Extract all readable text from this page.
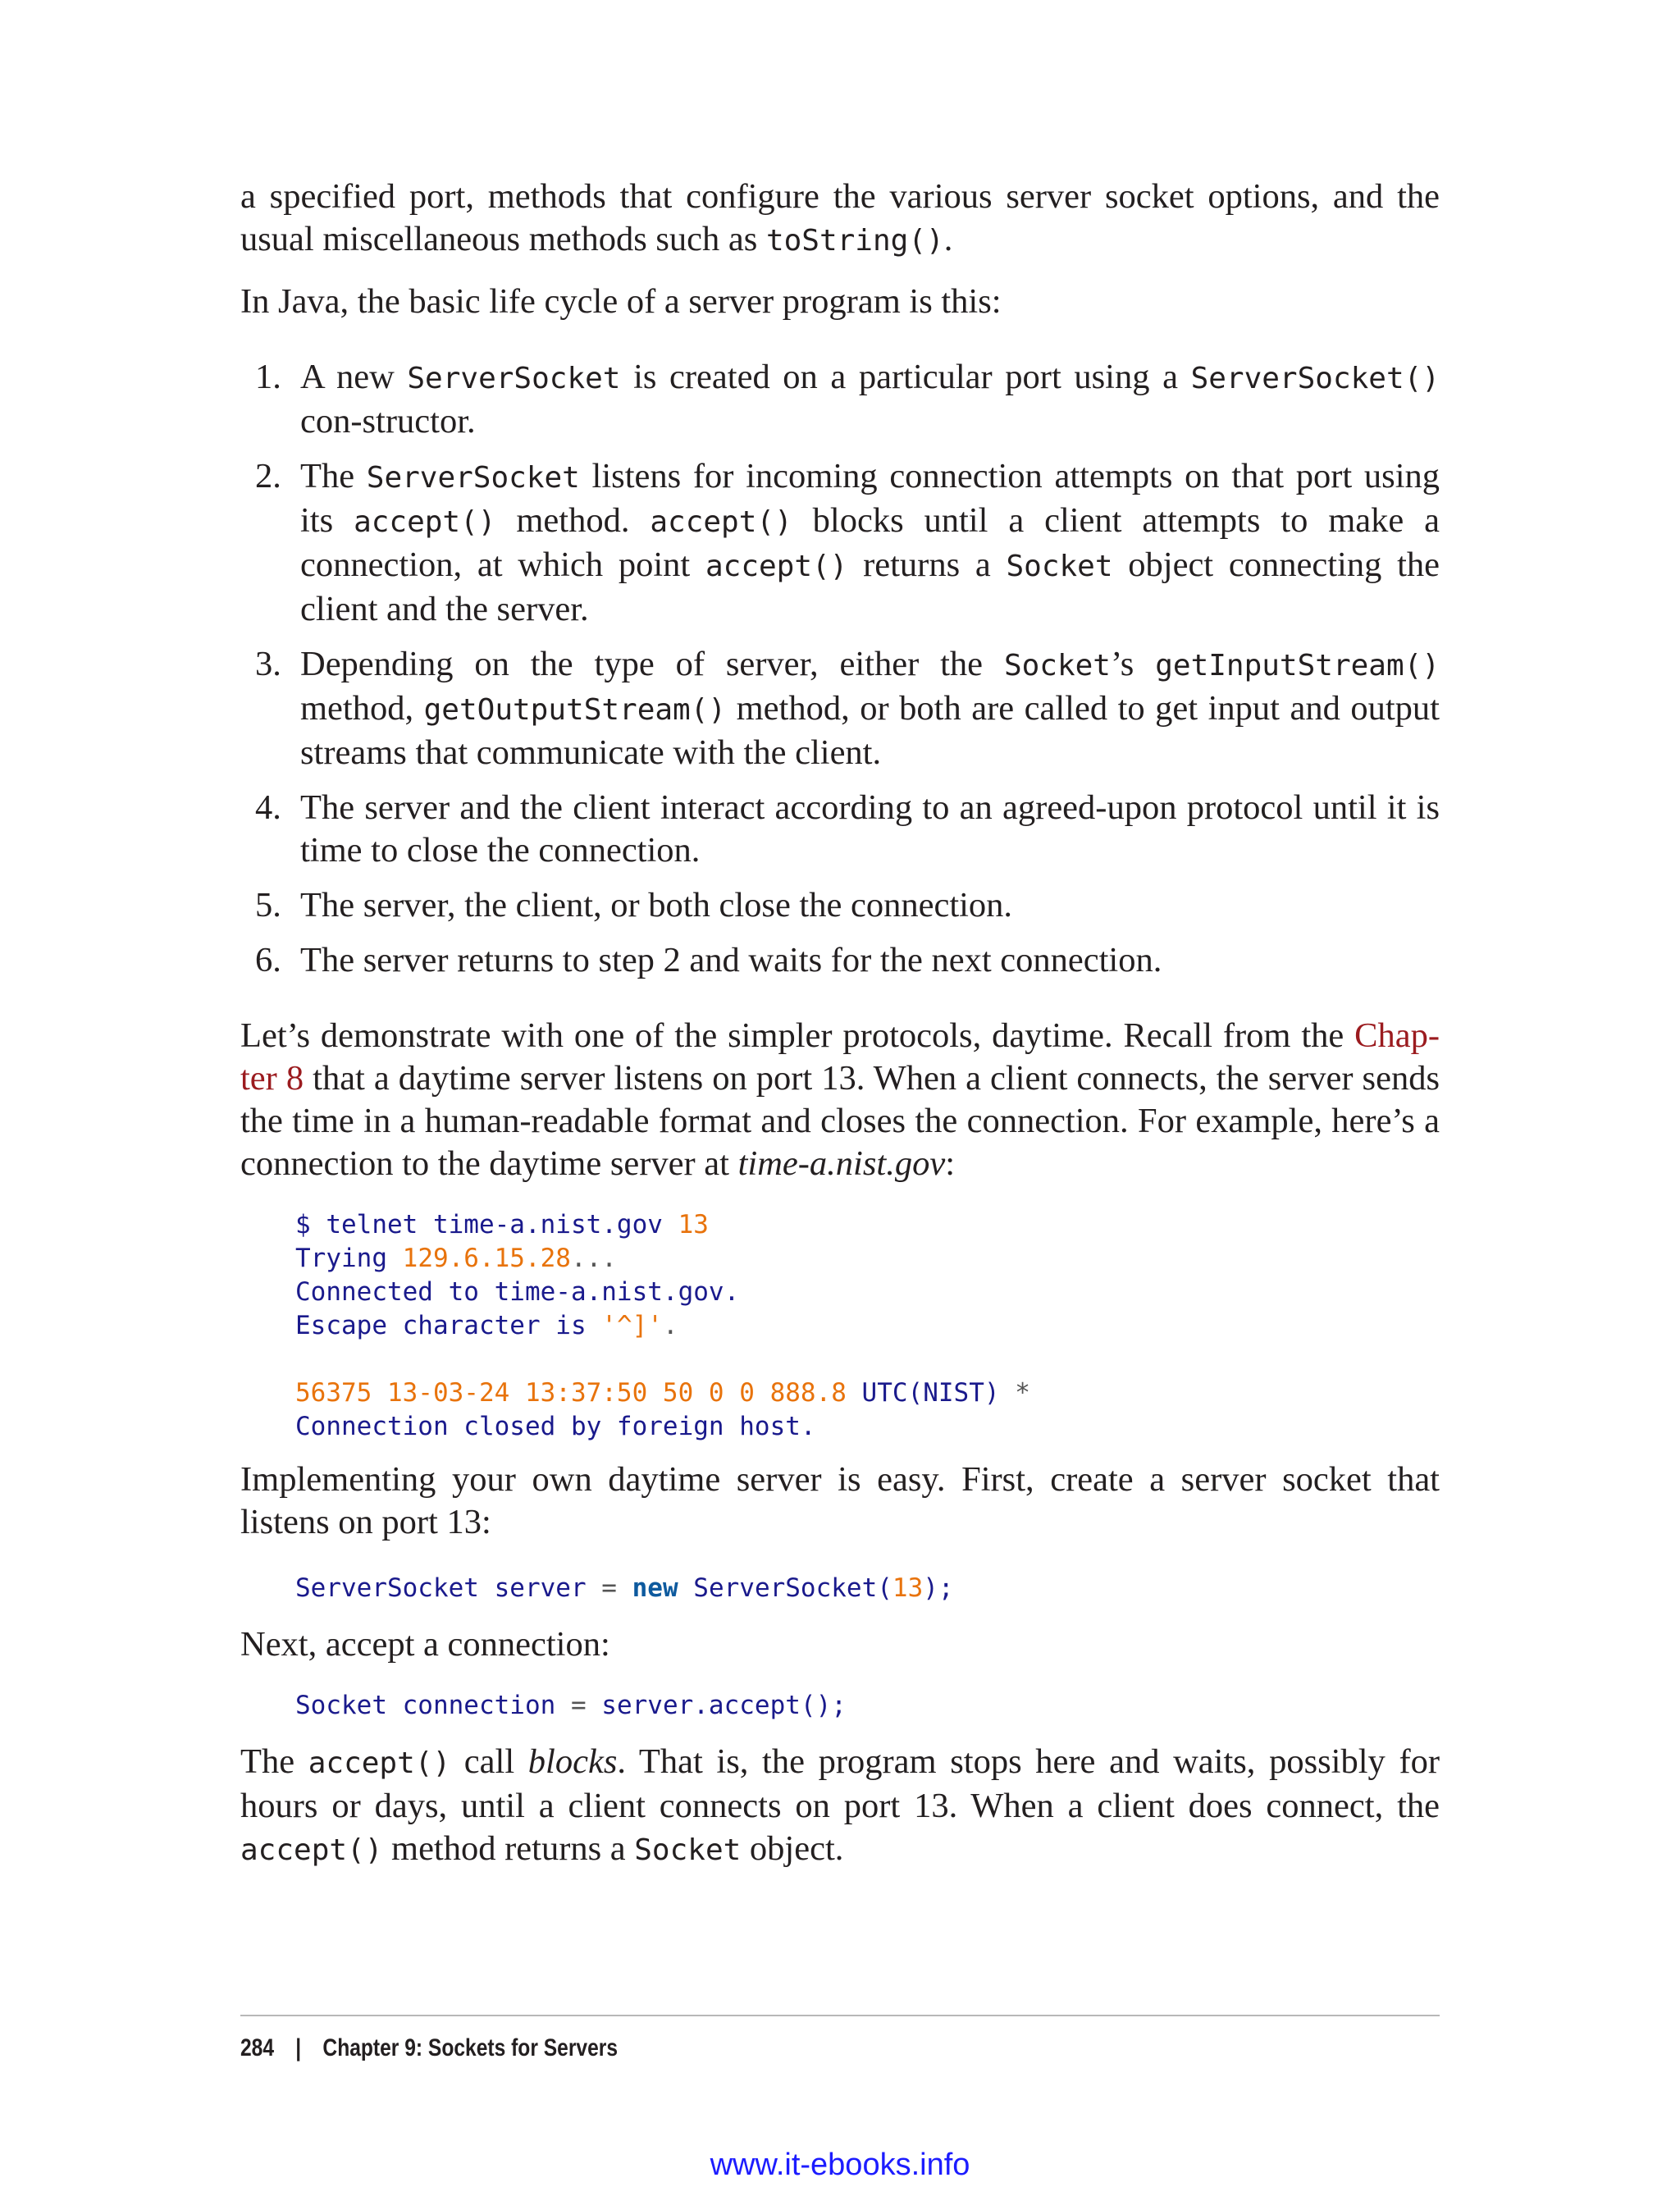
a specified port, methods that configure the various server socket options, and the usual miscellaneous methods such as toString().

In Java, the basic life cycle of a server program is this:

1. A new ServerSocket is created on a particular port using a ServerSocket() con‐structor.
2. The ServerSocket listens for incoming connection attempts on that port using its accept() method. accept() blocks until a client attempts to make a connection, at which point accept() returns a Socket object connecting the client and the server.
3. Depending on the type of server, either the Socket’s getInputStream() method, getOutputStream() method, or both are called to get input and output streams that communicate with the client.
4. The server and the client interact according to an agreed-upon protocol until it is time to close the connection.
5. The server, the client, or both close the connection.
6. The server returns to step 2 and waits for the next connection.

Let’s demonstrate with one of the simpler protocols, daytime. Recall from the Chap‐ter 8 that a daytime server listens on port 13. When a client connects, the server sends the time in a human-readable format and closes the connection. For example, here’s a connection to the daytime server at time-a.nist.gov:

$ telnet time-a.nist.gov 13
Trying 129.6.15.28...
Connected to time-a.nist.gov.
Escape character is '^]'.

56375 13-03-24 13:37:50 50 0 0 888.8 UTC(NIST) *
Connection closed by foreign host.

Implementing your own daytime server is easy. First, create a server socket that listens on port 13:

ServerSocket server = new ServerSocket(13);

Next, accept a connection:

Socket connection = server.accept();

The accept() call blocks. That is, the program stops here and waits, possibly for hours or days, until a client connects on port 13. When a client does connect, the accept() method returns a Socket object.

284 | Chapter 9: Sockets for Servers
www.it-ebooks.info
